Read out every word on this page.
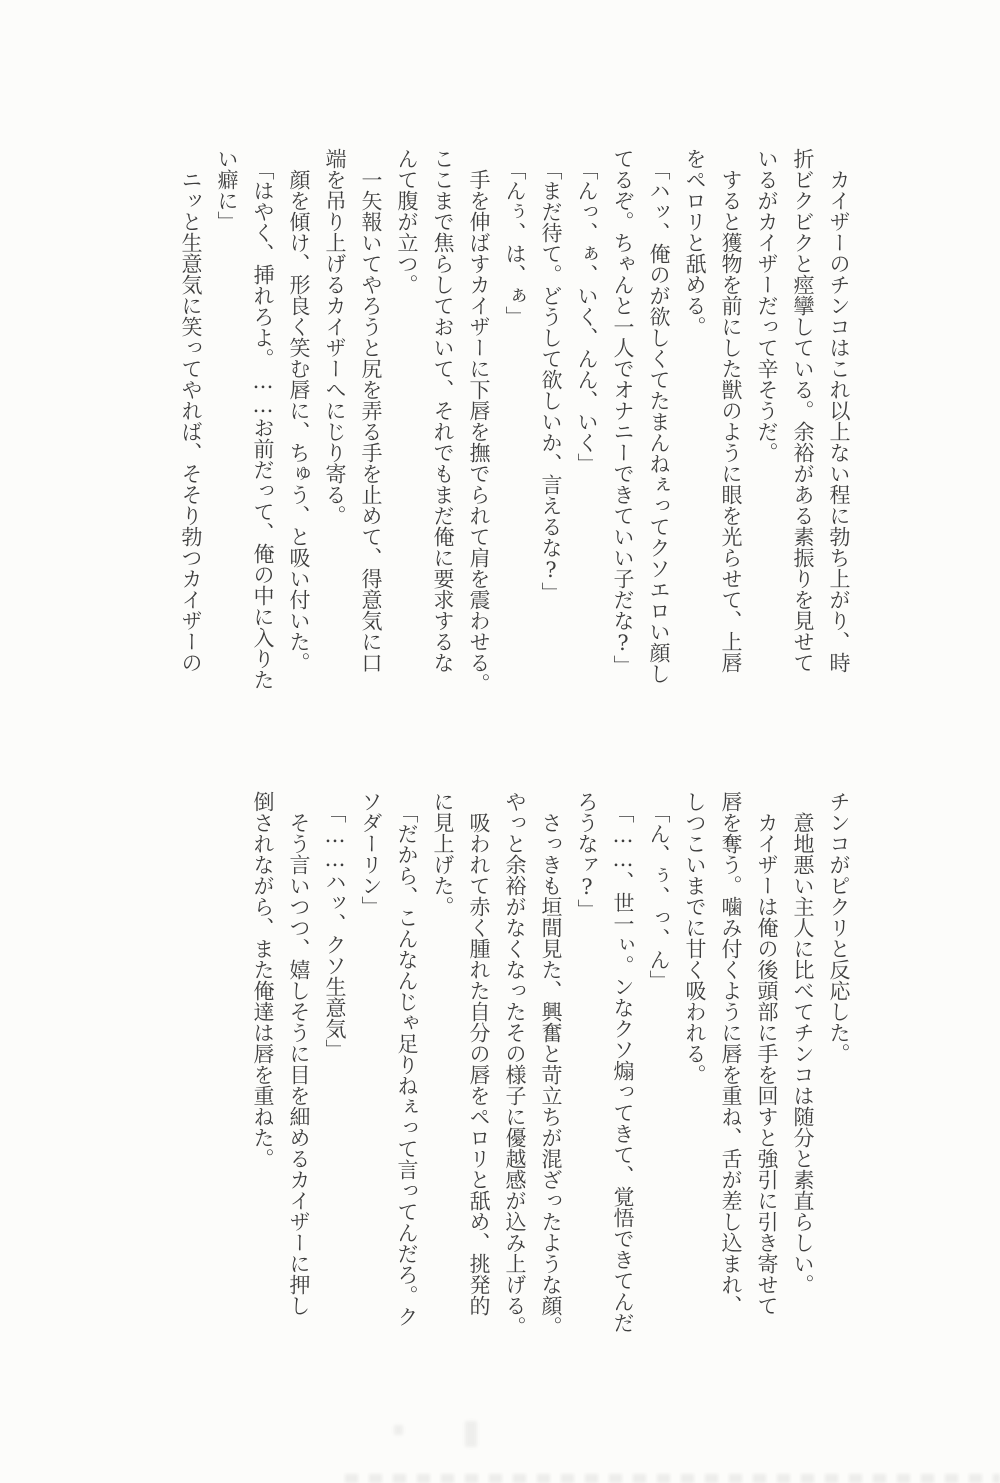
カイザーのチンコはこれ以上ない程に勃ち上がり、時

折ビクビクと痙攣している。余裕がある素振りを見せて

いるがカイザーだって辛そうだ。

すると獲物を前にした獣のように眼を光らせて、上唇

をペロリと舐める。

「ハッ、俺のが欲しくてたまんねぇってクソエロい顔し

てるぞ。ちゃんと一人でオナニーできていい子だな?」

「んっ、ぁ、いく、んん、いく」

「まだ待て。どうして欲しいか、言えるな?」

「んぅ、は、ぁ」

手を伸ばすカイザーに下唇を撫でられて肩を震わせる。

ここまで焦らしておいて、それでもまだ俺に要求するな

んて腹が立つ。

一矢報いてやろうと尻を弄る手を止めて、得意気に口

端を吊り上げるカイザーへにじり寄る。

顔を傾け、形良く笑む唇に、ちゅう、と吸い付いた。

「はやく、挿れろよ。……お前だって、俺の中に入りた

い癖に」

ニッと生意気に笑ってやれば、そそり勃つカイザーの

チンコがピクリと反応した。

意地悪い主人に比べてチンコは随分と素直らしい。

カイザーは俺の後頭部に手を回すと強引に引き寄せて

唇を奪う。噛み付くように唇を重ね、舌が差し込まれ、

しつこいまでに甘く吸われる。

「ん、ぅ、っ、ん」

「……、世一ぃ。ンなクソ煽ってきて、覚悟できてんだ

ろうなァ?」

さっきも垣間見た、興奮と苛立ちが混ざったような顔。

やっと余裕がなくなったその様子に優越感が込み上げる。

吸われて赤く腫れた自分の唇をペロリと舐め、挑発的

に見上げた。

「だから、こんなんじゃ足りねぇって言ってんだろ。ク

ソダーリン」

「……ハッ、クソ生意気」

そう言いつつ、嬉しそうに目を細めるカイザーに押し

倒されながら、また俺達は唇を重ねた。
